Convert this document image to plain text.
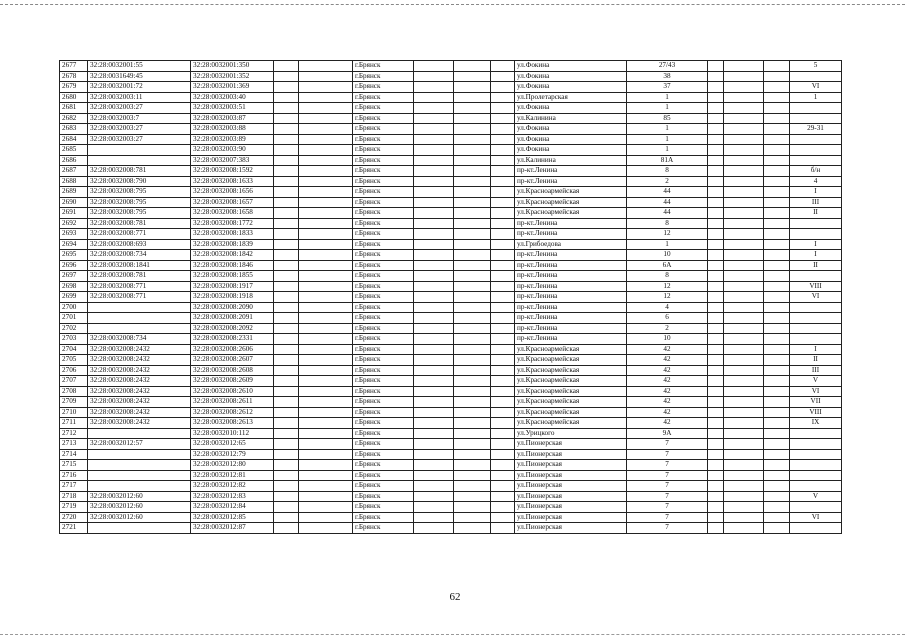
2677	32:28:0032001:55	32:28:0032001:350			г.Брянск				ул.Фокина	27/43				5
2678	32:28:0031649:45	32:28:0032001:352			г.Брянск				ул.Фокина	38				
2679	32:28:0032001:72	32:28:0032001:369			г.Брянск				ул.Фокина	37				VI
2680	32:28:0032003:11	32:28:0032003:40			г.Брянск				ул.Пролетарская	1				1
2681	32:28:0032003:27	32:28:0032003:51			г.Брянск				ул.Фокина	1				
2682	32:28:0032003:7	32:28:0032003:87			г.Брянск				ул.Калинина	85				
2683	32:28:0032003:27	32:28:0032003:88			г.Брянск				ул.Фокина	1				29-31
2684	32:28:0032003:27	32:28:0032003:89			г.Брянск				ул.Фокина	1				
2685		32:28:0032003:90			г.Брянск				ул.Фокина	1				
2686		32:28:0032007:383			г.Брянск				ул.Калинина	81А				
2687	32:28:0032008:781	32:28:0032008:1592			г.Брянск				пр-кт.Ленина	8				б/н
2688	32:28:0032008:790	32:28:0032008:1633			г.Брянск				пр-кт.Ленина	2				4
2689	32:28:0032008:795	32:28:0032008:1656			г.Брянск				ул.Красноармейская	44				I
2690	32:28:0032008:795	32:28:0032008:1657			г.Брянск				ул.Красноармейская	44				III
2691	32:28:0032008:795	32:28:0032008:1658			г.Брянск				ул.Красноармейская	44				II
2692	32:28:0032008:781	32:28:0032008:1772			г.Брянск				пр-кт.Ленина	8				
2693	32:28:0032008:771	32:28:0032008:1833			г.Брянск				пр-кт.Ленина	12				
2694	32:28:0032008:693	32:28:0032008:1839			г.Брянск				ул.Грибоедова	1				I
2695	32:28:0032008:734	32:28:0032008:1842			г.Брянск				пр-кт.Ленина	10				I
2696	32:28:0032008:1841	32:28:0032008:1846			г.Брянск				пр-кт.Ленина	6А				II
2697	32:28:0032008:781	32:28:0032008:1855			г.Брянск				пр-кт.Ленина	8				
2698	32:28:0032008:771	32:28:0032008:1917			г.Брянск				пр-кт.Ленина	12				VIII
2699	32:28:0032008:771	32:28:0032008:1918			г.Брянск				пр-кт.Ленина	12				VI
2700		32:28:0032008:2090			г.Брянск				пр-кт.Ленина	4				
2701		32:28:0032008:2091			г.Брянск				пр-кт.Ленина	6				
2702		32:28:0032008:2092			г.Брянск				пр-кт.Ленина	2				
2703	32:28:0032008:734	32:28:0032008:2331			г.Брянск				пр-кт.Ленина	10				
2704	32:28:0032008:2432	32:28:0032008:2606			г.Брянск				ул.Красноармейская	42				I
2705	32:28:0032008:2432	32:28:0032008:2607			г.Брянск				ул.Красноармейская	42				II
2706	32:28:0032008:2432	32:28:0032008:2608			г.Брянск				ул.Красноармейская	42				III
2707	32:28:0032008:2432	32:28:0032008:2609			г.Брянск				ул.Красноармейская	42				V
2708	32:28:0032008:2432	32:28:0032008:2610			г.Брянск				ул.Красноармейская	42				VI
2709	32:28:0032008:2432	32:28:0032008:2611			г.Брянск				ул.Красноармейская	42				VII
2710	32:28:0032008:2432	32:28:0032008:2612			г.Брянск				ул.Красноармейская	42				VIII
2711	32:28:0032008:2432	32:28:0032008:2613			г.Брянск				ул.Красноармейская	42				IX
2712		32:28:0032010:112			г.Брянск				ул.Урицкого	9А				
2713	32:28:0032012:57	32:28:0032012:65			г.Брянск				ул.Пионерская	7				
2714		32:28:0032012:79			г.Брянск				ул.Пионерская	7				
2715		32:28:0032012:80			г.Брянск				ул.Пионерская	7				
2716		32:28:0032012:81			г.Брянск				ул.Пионерская	7				
2717		32:28:0032012:82			г.Брянск				ул.Пионерская	7				
2718	32:28:0032012:60	32:28:0032012:83			г.Брянск				ул.Пионерская	7				V
2719	32:28:0032012:60	32:28:0032012:84			г.Брянск				ул.Пионерская	7				
2720	32:28:0032012:60	32:28:0032012:85			г.Брянск				ул.Пионерская	7				VI
2721		32:28:0032012:87			г.Брянск				ул.Пионерская	7				
62
